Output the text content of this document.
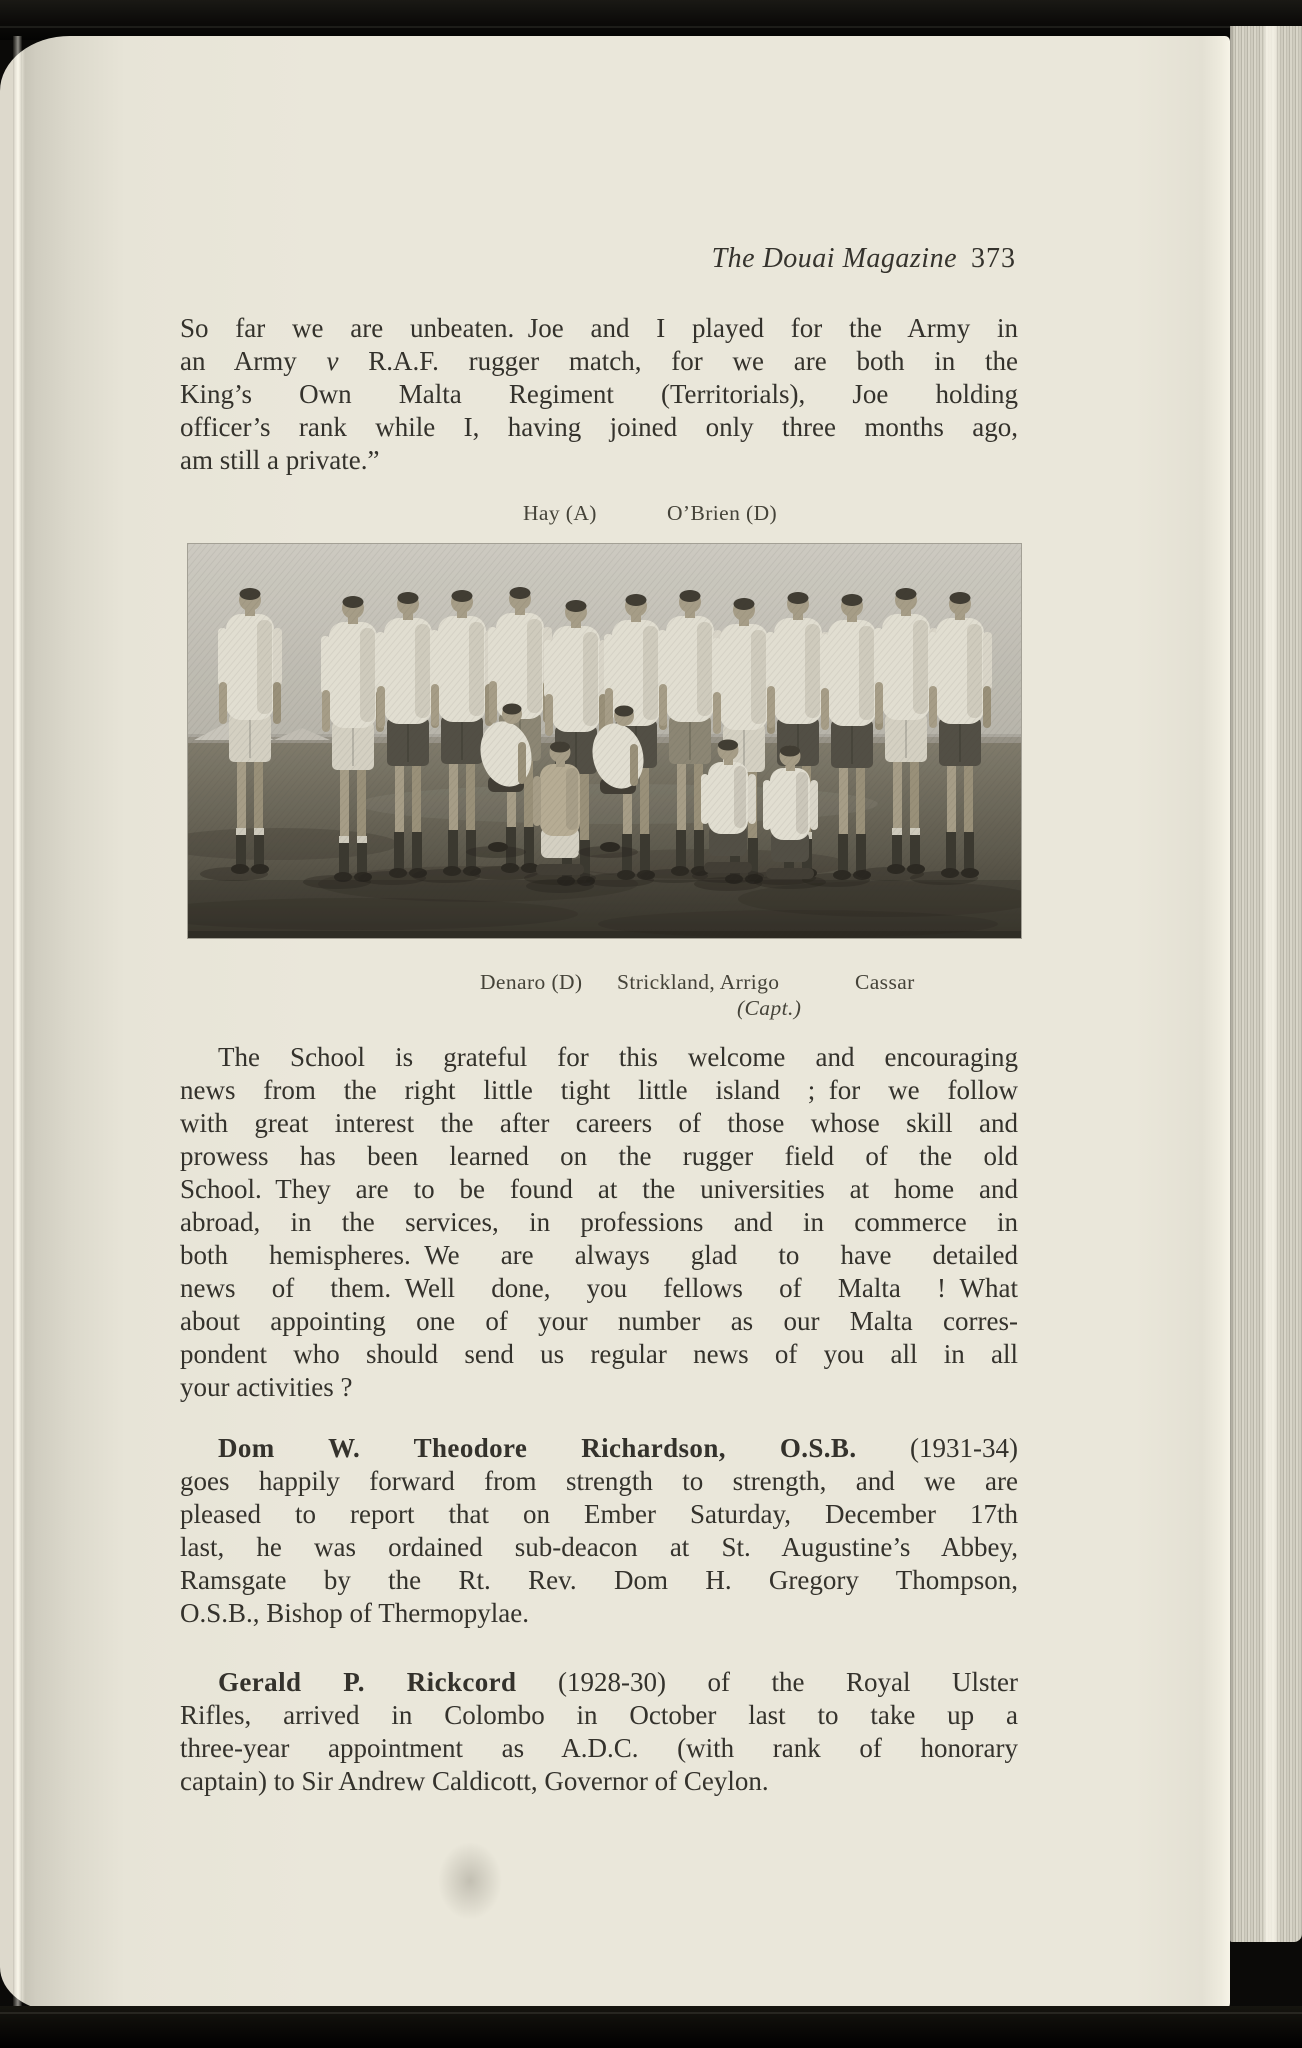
The Douai Magazine 373
So far we are unbeaten. Joe and I played for the Army in
an Army v R.A.F. rugger match, for we are both in the
King’s Own Malta Regiment (Territorials), Joe holding
officer’s rank while I, having joined only three months ago,
am still a private.”
Hay (A)	O’Brien (D)
Denaro (D) Strickland, Arrigo	Cassar
(Capt.)
The School is grateful for this welcome and encouraging
news from the right little tight little island ; for we follow
with great interest the after careers of those whose skill and
prowess has been learned on the rugger field of the old
School. They are to be found at the universities at home and
abroad, in the services, in professions and in commerce in
both hemispheres. We are always glad to have detailed
news of them. Well done, you fellows of Malta ! What
about appointing one of your number as our Malta corres-
pondent who should send us regular news of you all in all
your activities ?
Dom W. Theodore Richardson, O.S.B. (1931-34)
goes happily forward from strength to strength, and we are
pleased to report that on Ember Saturday, December 17th
last, he was ordained sub-deacon at St. Augustine’s Abbey,
Ramsgate by the Rt. Rev. Dom H. Gregory Thompson,
O.S.B., Bishop of Thermopylae.
Gerald P. Rickcord (1928-30) of the Royal Ulster
Rifles, arrived in Colombo in October last to take up a
three-year appointment as A.D.C. (with rank of honorary
captain) to Sir Andrew Caldicott, Governor of Ceylon.
